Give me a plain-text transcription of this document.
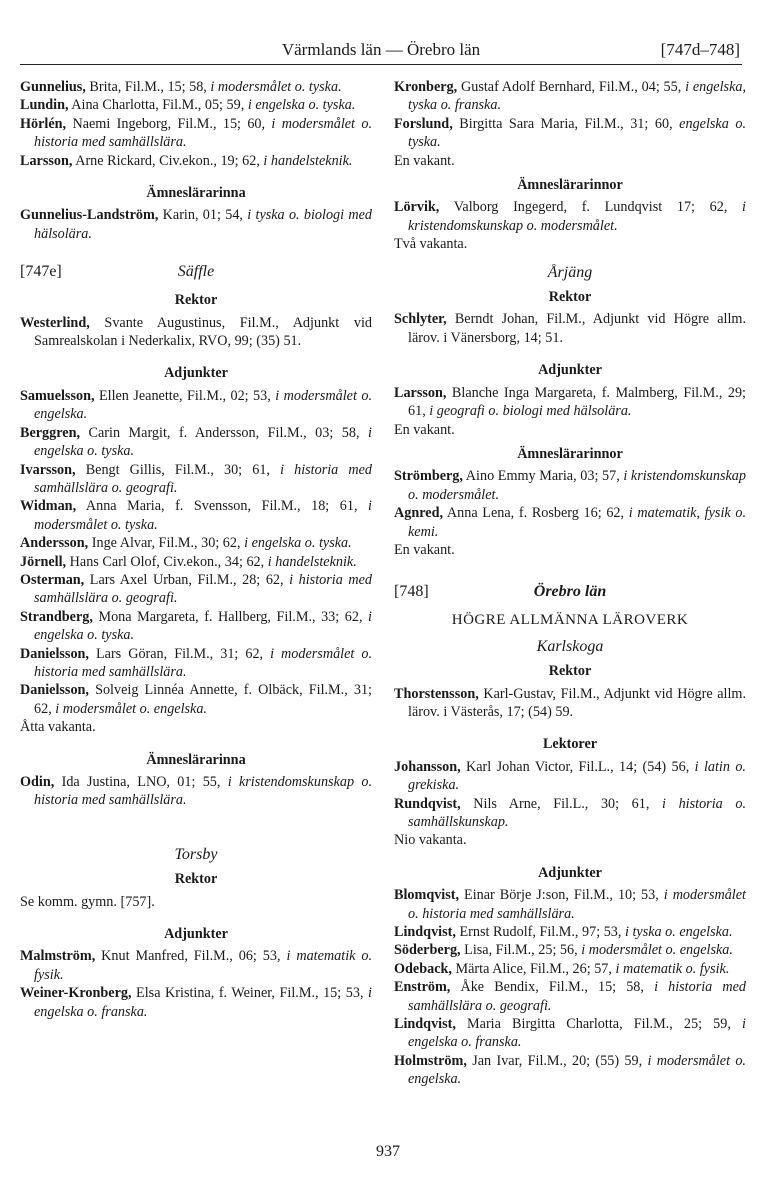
Värmlands län — Örebro län	[747d–748]

Gunnelius, Brita, Fil.M., 15; 58, i modersmålet o. tyska.

Lundin, Aina Charlotta, Fil.M., 05; 59, i engelska o. tyska.

Hörlén, Naemi Ingeborg, Fil.M., 15; 60, i modersmålet o. historia med samhällslära.

Larsson, Arne Rickard, Civ.ekon., 19; 62, i handelsteknik.

Ämneslärarinna

Gunnelius-Landström, Karin, 01; 54, i tyska o. biologi med hälsolära.

[747e]	Säffle

Rektor

Westerlind, Svante Augustinus, Fil.M., Adjunkt vid Samrealskolan i Nederkalix, RVO, 99; (35) 51.

Adjunkter

Samuelsson, Ellen Jeanette, Fil.M., 02; 53, i modersmålet o. engelska.

Berggren, Carin Margit, f. Andersson, Fil.M., 03; 58, i engelska o. tyska.

Ivarsson, Bengt Gillis, Fil.M., 30; 61, i historia med samhällslära o. geografi.

Widman, Anna Maria, f. Svensson, Fil.M., 18; 61, i modersmålet o. tyska.

Andersson, Inge Alvar, Fil.M., 30; 62, i engelska o. tyska.

Jörnell, Hans Carl Olof, Civ.ekon., 34; 62, i handelsteknik.

Osterman, Lars Axel Urban, Fil.M., 28; 62, i historia med samhällslära o. geografi.

Strandberg, Mona Margareta, f. Hallberg, Fil.M., 33; 62, i engelska o. tyska.

Danielsson, Lars Göran, Fil.M., 31; 62, i modersmålet o. historia med samhällslära.

Danielsson, Solveig Linnéa Annette, f. Olbäck, Fil.M., 31; 62, i modersmålet o. engelska.

Åtta vakanta.

Ämneslärarinna

Odin, Ida Justina, LNO, 01; 55, i kristendomskunskap o. historia med samhällslära.

Torsby

Rektor

Se komm. gymn. [757].

Adjunkter

Malmström, Knut Manfred, Fil.M., 06; 53, i matematik o. fysik.

Weiner-Kronberg, Elsa Kristina, f. Weiner, Fil.M., 15; 53, i engelska o. franska.

Kronberg, Gustaf Adolf Bernhard, Fil.M., 04; 55, i engelska, tyska o. franska.

Forslund, Birgitta Sara Maria, Fil.M., 31; 60, engelska o. tyska.

En vakant.

Ämneslärarinnor

Lörvik, Valborg Ingegerd, f. Lundqvist 17; 62, i kristendomskunskap o. modersmålet.

Två vakanta.

Årjäng

Rektor

Schlyter, Berndt Johan, Fil.M., Adjunkt vid Högre allm. lärov. i Vänersborg, 14; 51.

Adjunkter

Larsson, Blanche Inga Margareta, f. Malmberg, Fil.M., 29; 61, i geografi o. biologi med hälsolära.

En vakant.

Ämneslärarinnor

Strömberg, Aino Emmy Maria, 03; 57, i kristendomskunskap o. modersmålet.

Agnred, Anna Lena, f. Rosberg 16; 62, i matematik, fysik o. kemi.

En vakant.

[748]	Örebro län

HÖGRE ALLMÄNNA LÄROVERK

Karlskoga

Rektor

Thorstensson, Karl-Gustav, Fil.M., Adjunkt vid Högre allm. lärov. i Västerås, 17; (54) 59.

Lektorer

Johansson, Karl Johan Victor, Fil.L., 14; (54) 56, i latin o. grekiska.

Rundqvist, Nils Arne, Fil.L., 30; 61, i historia o. samhällskunskap.

Nio vakanta.

Adjunkter

Blomqvist, Einar Börje J:son, Fil.M., 10; 53, i modersmålet o. historia med samhällslära.

Lindqvist, Ernst Rudolf, Fil.M., 97; 53, i tyska o. engelska.

Söderberg, Lisa, Fil.M., 25; 56, i modersmålet o. engelska.

Odeback, Märta Alice, Fil.M., 26; 57, i matematik o. fysik.

Enström, Åke Bendix, Fil.M., 15; 58, i historia med samhällslära o. geografi.

Lindqvist, Maria Birgitta Charlotta, Fil.M., 25; 59, i engelska o. franska.

Holmström, Jan Ivar, Fil.M., 20; (55) 59, i modersmålet o. engelska.

937
